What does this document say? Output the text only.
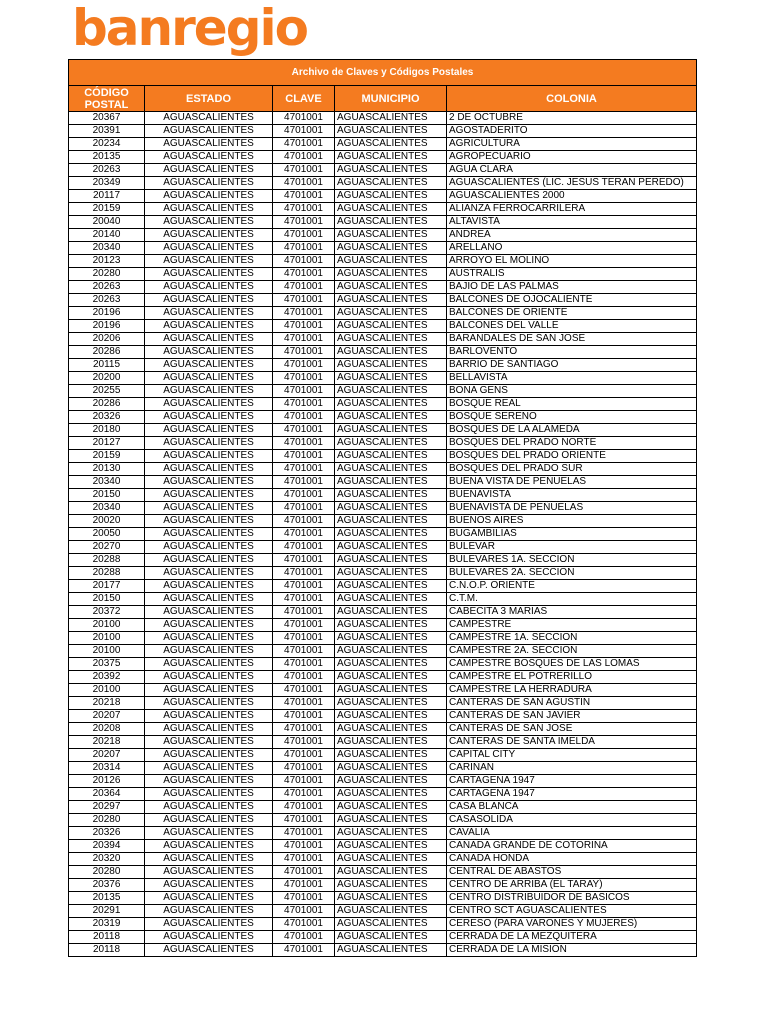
banregio
Archivo de Claves y Códigos Postales				
CÓDIGO POSTAL	ESTADO	CLAVE	MUNICIPIO	COLONIA
20367	AGUASCALIENTES	4701001	AGUASCALIENTES	2 DE OCTUBRE
20391	AGUASCALIENTES	4701001	AGUASCALIENTES	AGOSTADERITO
20234	AGUASCALIENTES	4701001	AGUASCALIENTES	AGRICULTURA
20135	AGUASCALIENTES	4701001	AGUASCALIENTES	AGROPECUARIO
20263	AGUASCALIENTES	4701001	AGUASCALIENTES	AGUA CLARA
20349	AGUASCALIENTES	4701001	AGUASCALIENTES	AGUASCALIENTES (LIC. JESUS TERAN PEREDO)
20117	AGUASCALIENTES	4701001	AGUASCALIENTES	AGUASCALIENTES 2000
20159	AGUASCALIENTES	4701001	AGUASCALIENTES	ALIANZA FERROCARRILERA
20040	AGUASCALIENTES	4701001	AGUASCALIENTES	ALTAVISTA
20140	AGUASCALIENTES	4701001	AGUASCALIENTES	ANDREA
20340	AGUASCALIENTES	4701001	AGUASCALIENTES	ARELLANO
20123	AGUASCALIENTES	4701001	AGUASCALIENTES	ARROYO EL MOLINO
20280	AGUASCALIENTES	4701001	AGUASCALIENTES	AUSTRALIS
20263	AGUASCALIENTES	4701001	AGUASCALIENTES	BAJIO DE LAS PALMAS
20263	AGUASCALIENTES	4701001	AGUASCALIENTES	BALCONES DE OJOCALIENTE
20196	AGUASCALIENTES	4701001	AGUASCALIENTES	BALCONES DE ORIENTE
20196	AGUASCALIENTES	4701001	AGUASCALIENTES	BALCONES DEL VALLE
20206	AGUASCALIENTES	4701001	AGUASCALIENTES	BARANDALES DE SAN JOSE
20286	AGUASCALIENTES	4701001	AGUASCALIENTES	BARLOVENTO
20115	AGUASCALIENTES	4701001	AGUASCALIENTES	BARRIO DE SANTIAGO
20200	AGUASCALIENTES	4701001	AGUASCALIENTES	BELLAVISTA
20255	AGUASCALIENTES	4701001	AGUASCALIENTES	BONA GENS
20286	AGUASCALIENTES	4701001	AGUASCALIENTES	BOSQUE REAL
20326	AGUASCALIENTES	4701001	AGUASCALIENTES	BOSQUE SERENO
20180	AGUASCALIENTES	4701001	AGUASCALIENTES	BOSQUES DE LA ALAMEDA
20127	AGUASCALIENTES	4701001	AGUASCALIENTES	BOSQUES DEL PRADO NORTE
20159	AGUASCALIENTES	4701001	AGUASCALIENTES	BOSQUES DEL PRADO ORIENTE
20130	AGUASCALIENTES	4701001	AGUASCALIENTES	BOSQUES DEL PRADO SUR
20340	AGUASCALIENTES	4701001	AGUASCALIENTES	BUENA VISTA DE PEÑUELAS
20150	AGUASCALIENTES	4701001	AGUASCALIENTES	BUENAVISTA
20340	AGUASCALIENTES	4701001	AGUASCALIENTES	BUENAVISTA DE PEÑUELAS
20020	AGUASCALIENTES	4701001	AGUASCALIENTES	BUENOS AIRES
20050	AGUASCALIENTES	4701001	AGUASCALIENTES	BUGAMBILIAS
20270	AGUASCALIENTES	4701001	AGUASCALIENTES	BULEVAR
20288	AGUASCALIENTES	4701001	AGUASCALIENTES	BULEVARES 1A. SECCION
20288	AGUASCALIENTES	4701001	AGUASCALIENTES	BULEVARES 2A. SECCION
20177	AGUASCALIENTES	4701001	AGUASCALIENTES	C.N.O.P. ORIENTE
20150	AGUASCALIENTES	4701001	AGUASCALIENTES	C.T.M.
20372	AGUASCALIENTES	4701001	AGUASCALIENTES	CABECITA 3 MARIAS
20100	AGUASCALIENTES	4701001	AGUASCALIENTES	CAMPESTRE
20100	AGUASCALIENTES	4701001	AGUASCALIENTES	CAMPESTRE 1A. SECCION
20100	AGUASCALIENTES	4701001	AGUASCALIENTES	CAMPESTRE 2A. SECCION
20375	AGUASCALIENTES	4701001	AGUASCALIENTES	CAMPESTRE BOSQUES DE LAS LOMAS
20392	AGUASCALIENTES	4701001	AGUASCALIENTES	CAMPESTRE EL POTRERILLO
20100	AGUASCALIENTES	4701001	AGUASCALIENTES	CAMPESTRE LA HERRADURA
20218	AGUASCALIENTES	4701001	AGUASCALIENTES	CANTERAS DE SAN AGUSTIN
20207	AGUASCALIENTES	4701001	AGUASCALIENTES	CANTERAS DE SAN JAVIER
20208	AGUASCALIENTES	4701001	AGUASCALIENTES	CANTERAS DE SAN JOSE
20218	AGUASCALIENTES	4701001	AGUASCALIENTES	CANTERAS DE SANTA IMELDA
20207	AGUASCALIENTES	4701001	AGUASCALIENTES	CAPITAL CITY
20314	AGUASCALIENTES	4701001	AGUASCALIENTES	CARIÑAN
20126	AGUASCALIENTES	4701001	AGUASCALIENTES	CARTAGENA 1947
20364	AGUASCALIENTES	4701001	AGUASCALIENTES	CARTAGENA 1947
20297	AGUASCALIENTES	4701001	AGUASCALIENTES	CASA BLANCA
20280	AGUASCALIENTES	4701001	AGUASCALIENTES	CASASOLIDA
20326	AGUASCALIENTES	4701001	AGUASCALIENTES	CAVALIA
20394	AGUASCALIENTES	4701001	AGUASCALIENTES	CAÑADA GRANDE DE COTORINA
20320	AGUASCALIENTES	4701001	AGUASCALIENTES	CAÑADA HONDA
20280	AGUASCALIENTES	4701001	AGUASCALIENTES	CENTRAL DE ABASTOS
20376	AGUASCALIENTES	4701001	AGUASCALIENTES	CENTRO DE ARRIBA (EL TARAY)
20135	AGUASCALIENTES	4701001	AGUASCALIENTES	CENTRO DISTRIBUIDOR DE BASICOS
20291	AGUASCALIENTES	4701001	AGUASCALIENTES	CENTRO SCT AGUASCALIENTES
20319	AGUASCALIENTES	4701001	AGUASCALIENTES	CERESO (PARA VARONES Y MUJERES)
20118	AGUASCALIENTES	4701001	AGUASCALIENTES	CERRADA DE LA MEZQUITERA
20118	AGUASCALIENTES	4701001	AGUASCALIENTES	CERRADA DE LA MISION
